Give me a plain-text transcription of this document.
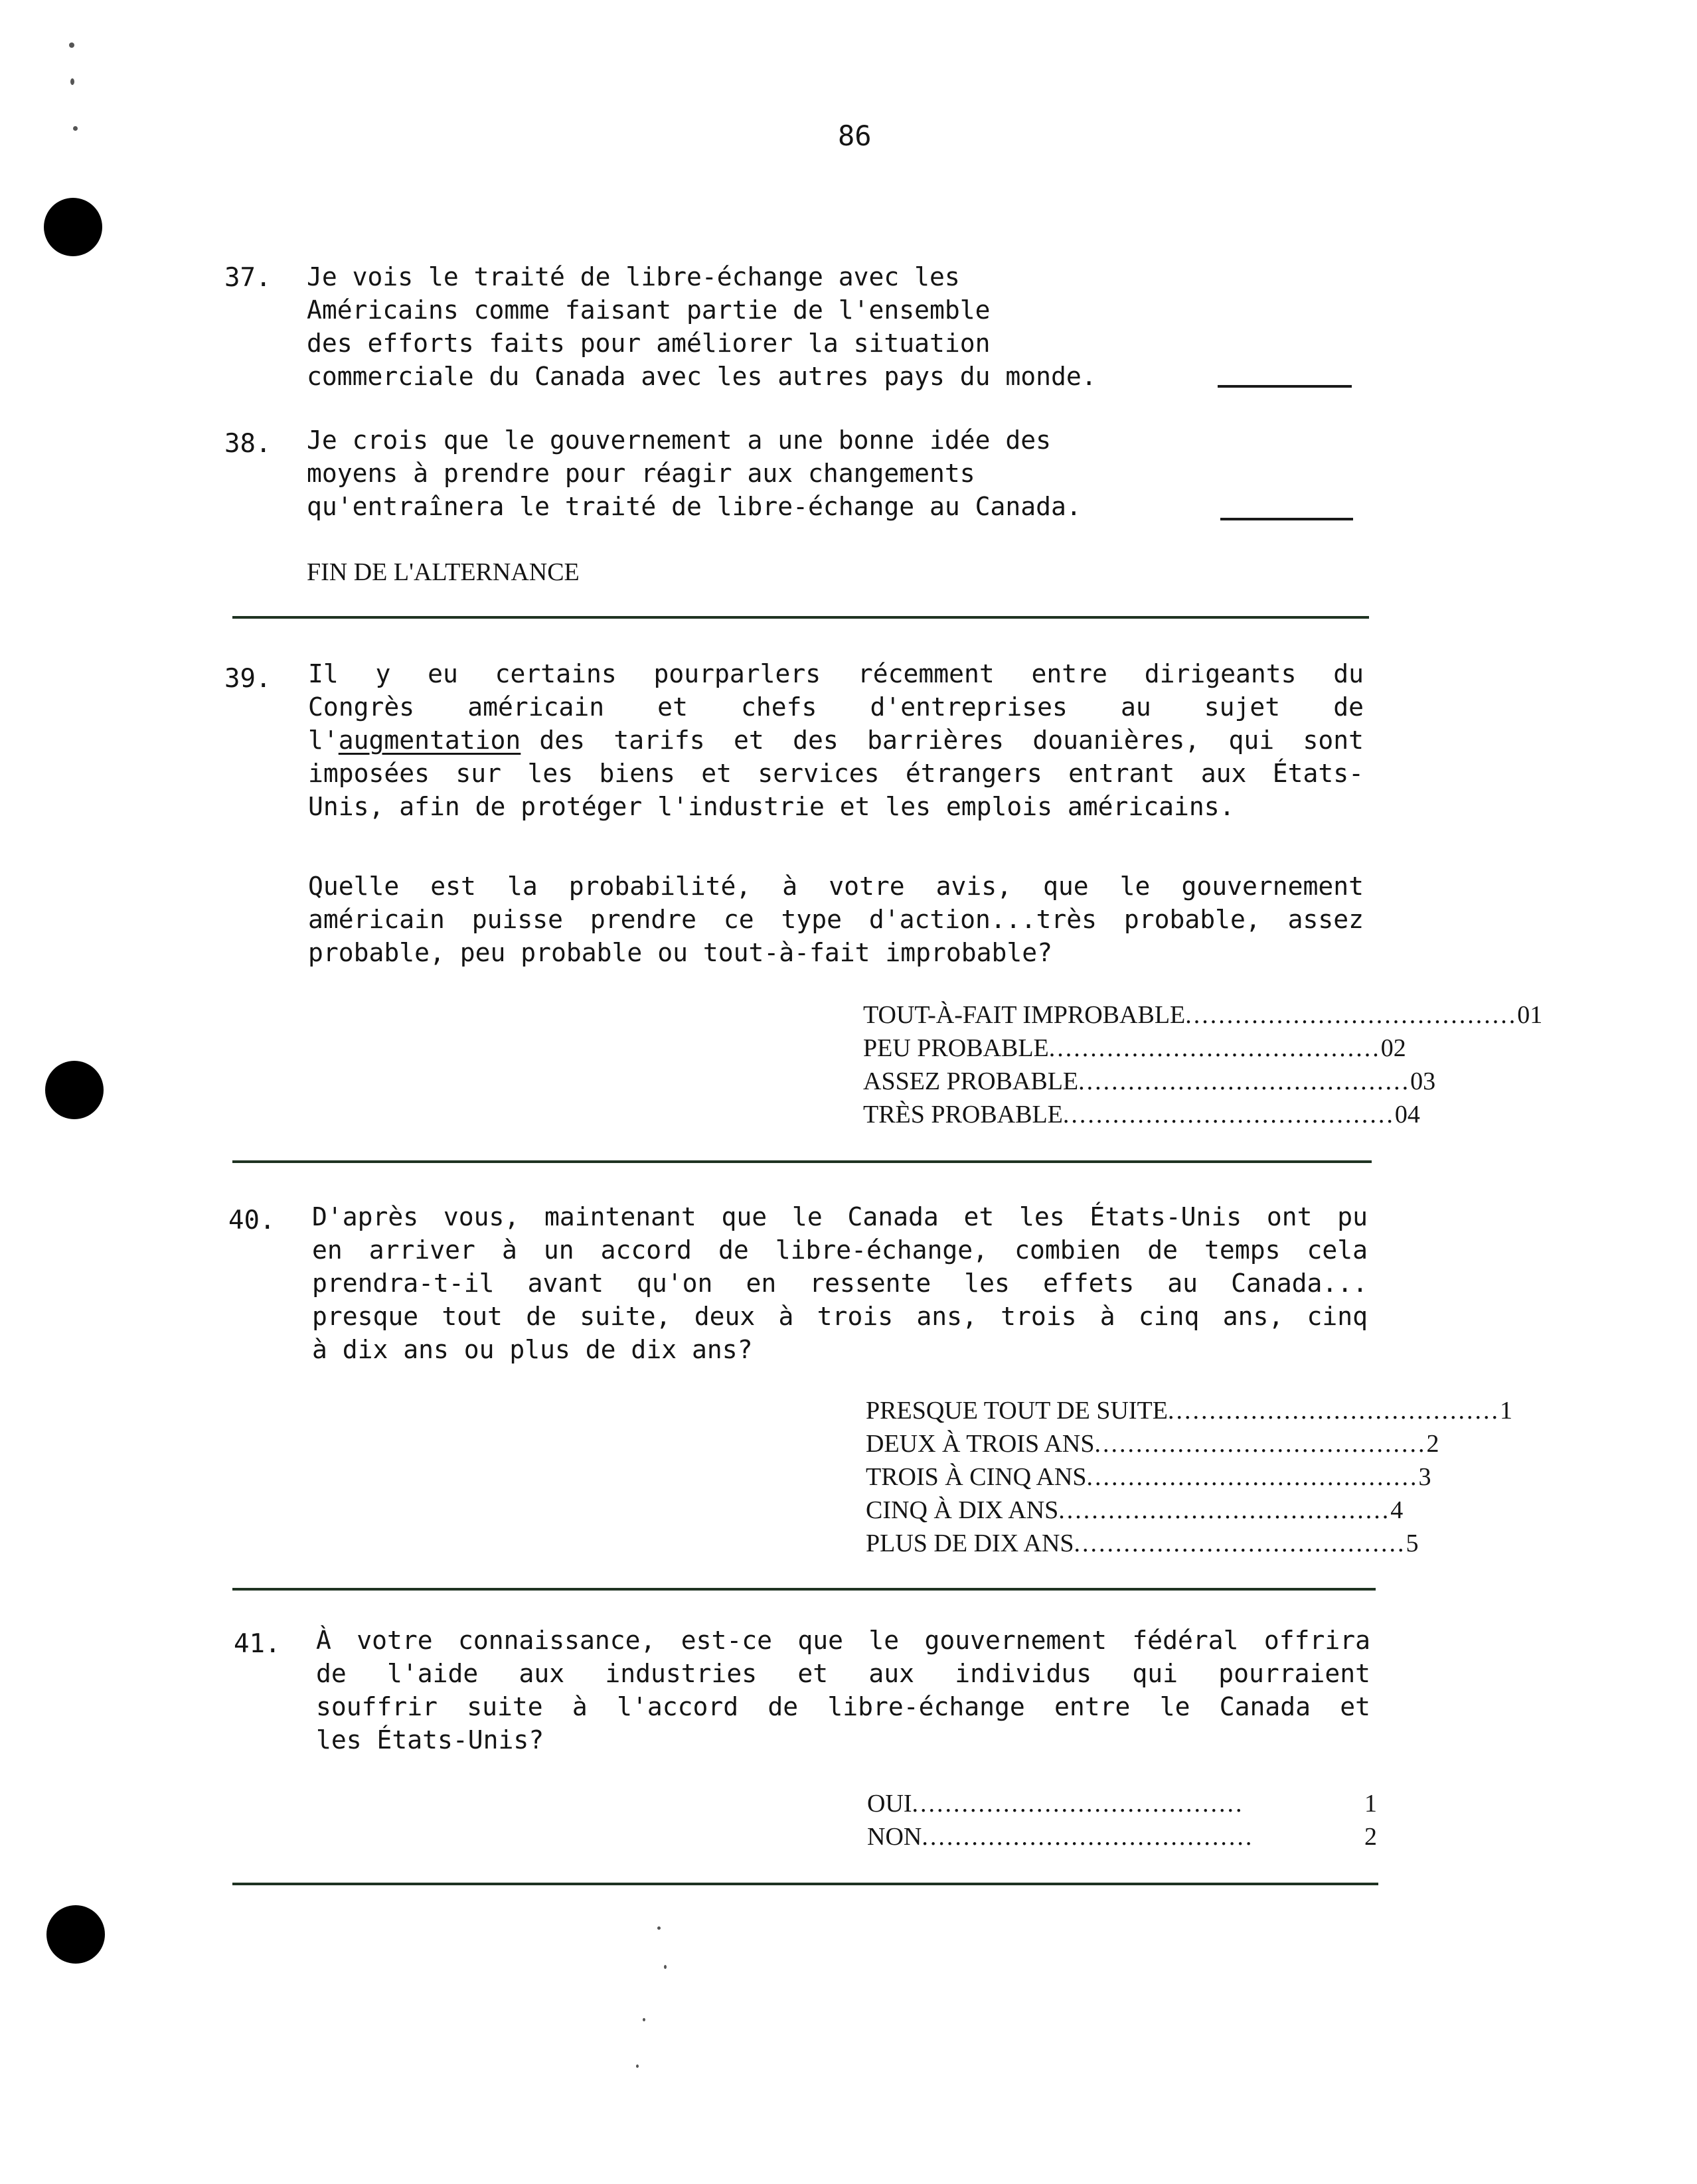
86
37. Je vois le traité de libre-échange avec les
Américains comme faisant partie de l'ensemble
des efforts faits pour améliorer la situation
commerciale du Canada avec les autres pays du monde.
38. Je crois que le gouvernement a une bonne idée des
moyens à prendre pour réagir aux changements
qu'entraînera le traité de libre-échange au Canada.
FIN DE L'ALTERNANCE
39. Il y eu certains pourparlers récemment entre dirigeants du
Congrès américain et chefs d'entreprises au sujet de
l'augmentation des tarifs et des barrières douanières, qui sont
imposées sur les biens et services étrangers entrant aux États-
Unis, afin de protéger l'industrie et les emplois américains.
Quelle est la probabilité, à votre avis, que le gouvernement
américain puisse prendre ce type d'action...très probable, assez
probable, peu probable ou tout-à-fait improbable?
TOUT-À-FAIT IMPROBABLE ........................................ 01
PEU PROBABLE ........................................ 02
ASSEZ PROBABLE ........................................ 03
TRÈS PROBABLE ........................................ 04
40. D'après vous, maintenant que le Canada et les États-Unis ont pu
en arriver à un accord de libre-échange, combien de temps cela
prendra-t-il avant qu'on en ressente les effets au Canada...
presque tout de suite, deux à trois ans, trois à cinq ans, cinq
à dix ans ou plus de dix ans?
PRESQUE TOUT DE SUITE ........................................ 1
DEUX À TROIS ANS ........................................ 2
TROIS À CINQ ANS ........................................ 3
CINQ À DIX ANS ........................................ 4
PLUS DE DIX ANS ........................................ 5
41. À votre connaissance, est-ce que le gouvernement fédéral offrira
de l'aide aux industries et aux individus qui pourraient
souffrir suite à l'accord de libre-échange entre le Canada et
les États-Unis?
OUI ........................................	1
NON ........................................	2
